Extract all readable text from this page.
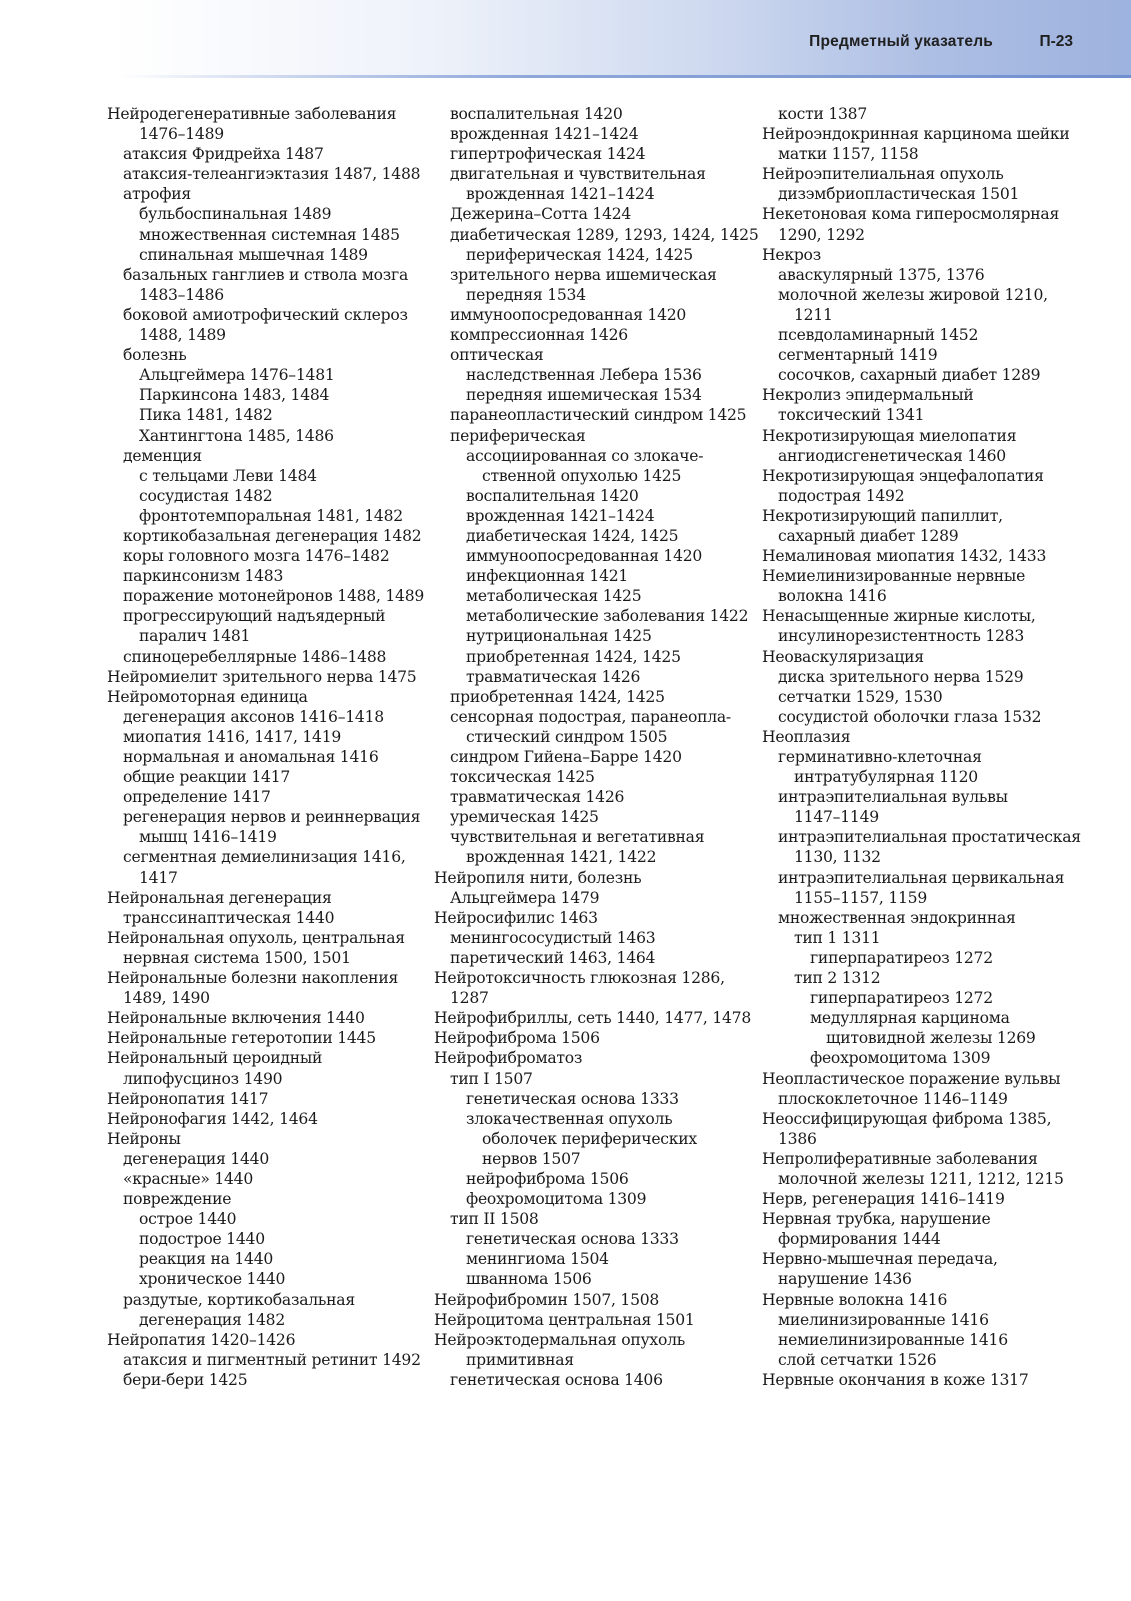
Предметный указатель	П-23
Нейродегенеративные заболевания
1476–1489
атаксия Фридрейха 1487
атаксия-телеангиэктазия 1487, 1488
атрофия
бульбоспинальная 1489
множественная системная 1485
спинальная мышечная 1489
базальных ганглиев и ствола мозга
1483–1486
боковой амиотрофический склероз
1488, 1489
болезнь
Альцгеймера 1476–1481
Паркинсона 1483, 1484
Пика 1481, 1482
Хантингтона 1485, 1486
деменция
с тельцами Леви 1484
сосудистая 1482
фронтотемпоральная 1481, 1482
кортикобазальная дегенерация 1482
коры головного мозга 1476–1482
паркинсонизм 1483
поражение мотонейронов 1488, 1489
прогрессирующий надъядерный
паралич 1481
спиноцеребеллярные 1486–1488
Нейромиелит зрительного нерва 1475
Нейромоторная единица
дегенерация аксонов 1416–1418
миопатия 1416, 1417, 1419
нормальная и аномальная 1416
общие реакции 1417
определение 1417
регенерация нервов и реиннервация
мышц 1416–1419
сегментная демиелинизация 1416,
1417
Нейрональная дегенерация
транссинаптическая 1440
Нейрональная опухоль, центральная
нервная система 1500, 1501
Нейрональные болезни накопления
1489, 1490
Нейрональные включения 1440
Нейрональные гетеротопии 1445
Нейрональный цероидный
липофусциноз 1490
Нейронопатия 1417
Нейронофагия 1442, 1464
Нейроны
дегенерация 1440
«красные» 1440
повреждение
острое 1440
подострое 1440
реакция на 1440
хроническое 1440
раздутые, кортикобазальная
дегенерация 1482
Нейропатия 1420–1426
атаксия и пигментный ретинит 1492
бери-бери 1425
воспалительная 1420
врожденная 1421–1424
гипертрофическая 1424
двигательная и чувствительная
врожденная 1421–1424
Дежерина–Сотта 1424
диабетическая 1289, 1293, 1424, 1425
периферическая 1424, 1425
зрительного нерва ишемическая
передняя 1534
иммуноопосредованная 1420
компрессионная 1426
оптическая
наследственная Лебера 1536
передняя ишемическая 1534
паранеопластический синдром 1425
периферическая
ассоциированная со злокаче-
ственной опухолью 1425
воспалительная 1420
врожденная 1421–1424
диабетическая 1424, 1425
иммуноопосредованная 1420
инфекционная 1421
метаболическая 1425
метаболические заболевания 1422
нутрициональная 1425
приобретенная 1424, 1425
травматическая 1426
приобретенная 1424, 1425
сенсорная подострая, паранеопла-
стический синдром 1505
синдром Гийена–Барре 1420
токсическая 1425
травматическая 1426
уремическая 1425
чувствительная и вегетативная
врожденная 1421, 1422
Нейропиля нити, болезнь
Альцгеймера 1479
Нейросифилис 1463
менингососудистый 1463
паретический 1463, 1464
Нейротоксичность глюкозная 1286,
1287
Нейрофибриллы, сеть 1440, 1477, 1478
Нейрофиброма 1506
Нейрофиброматоз
тип I 1507
генетическая основа 1333
злокачественная опухоль
оболочек периферических
нервов 1507
нейрофиброма 1506
феохромоцитома 1309
тип II 1508
генетическая основа 1333
менингиома 1504
шваннома 1506
Нейрофибромин 1507, 1508
Нейроцитома центральная 1501
Нейроэктодермальная опухоль
примитивная
генетическая основа 1406
кости 1387
Нейроэндокринная карцинома шейки
матки 1157, 1158
Нейроэпителиальная опухоль
дизэмбриопластическая 1501
Некетоновая кома гиперосмолярная
1290, 1292
Некроз
аваскулярный 1375, 1376
молочной железы жировой 1210,
1211
псевдоламинарный 1452
сегментарный 1419
сосочков, сахарный диабет 1289
Некролиз эпидермальный
токсический 1341
Некротизирующая миелопатия
ангиодисгенетическая 1460
Некротизирующая энцефалопатия
подострая 1492
Некротизирующий папиллит,
сахарный диабет 1289
Немалиновая миопатия 1432, 1433
Немиелинизированные нервные
волокна 1416
Ненасыщенные жирные кислоты,
инсулинорезистентность 1283
Неоваскуляризация
диска зрительного нерва 1529
сетчатки 1529, 1530
сосудистой оболочки глаза 1532
Неоплазия
герминативно-клеточная
интратубулярная 1120
интраэпителиальная вульвы
1147–1149
интраэпителиальная простатическая
1130, 1132
интраэпителиальная цервикальная
1155–1157, 1159
множественная эндокринная
тип 1 1311
гиперпаратиреоз 1272
тип 2 1312
гиперпаратиреоз 1272
медуллярная карцинома
щитовидной железы 1269
феохромоцитома 1309
Неопластическое поражение вульвы
плоскоклеточное 1146–1149
Неоссифицирующая фиброма 1385,
1386
Непролиферативные заболевания
молочной железы 1211, 1212, 1215
Нерв, регенерация 1416–1419
Нервная трубка, нарушение
формирования 1444
Нервно-мышечная передача,
нарушение 1436
Нервные волокна 1416
миелинизированные 1416
немиелинизированные 1416
слой сетчатки 1526
Нервные окончания в коже 1317
